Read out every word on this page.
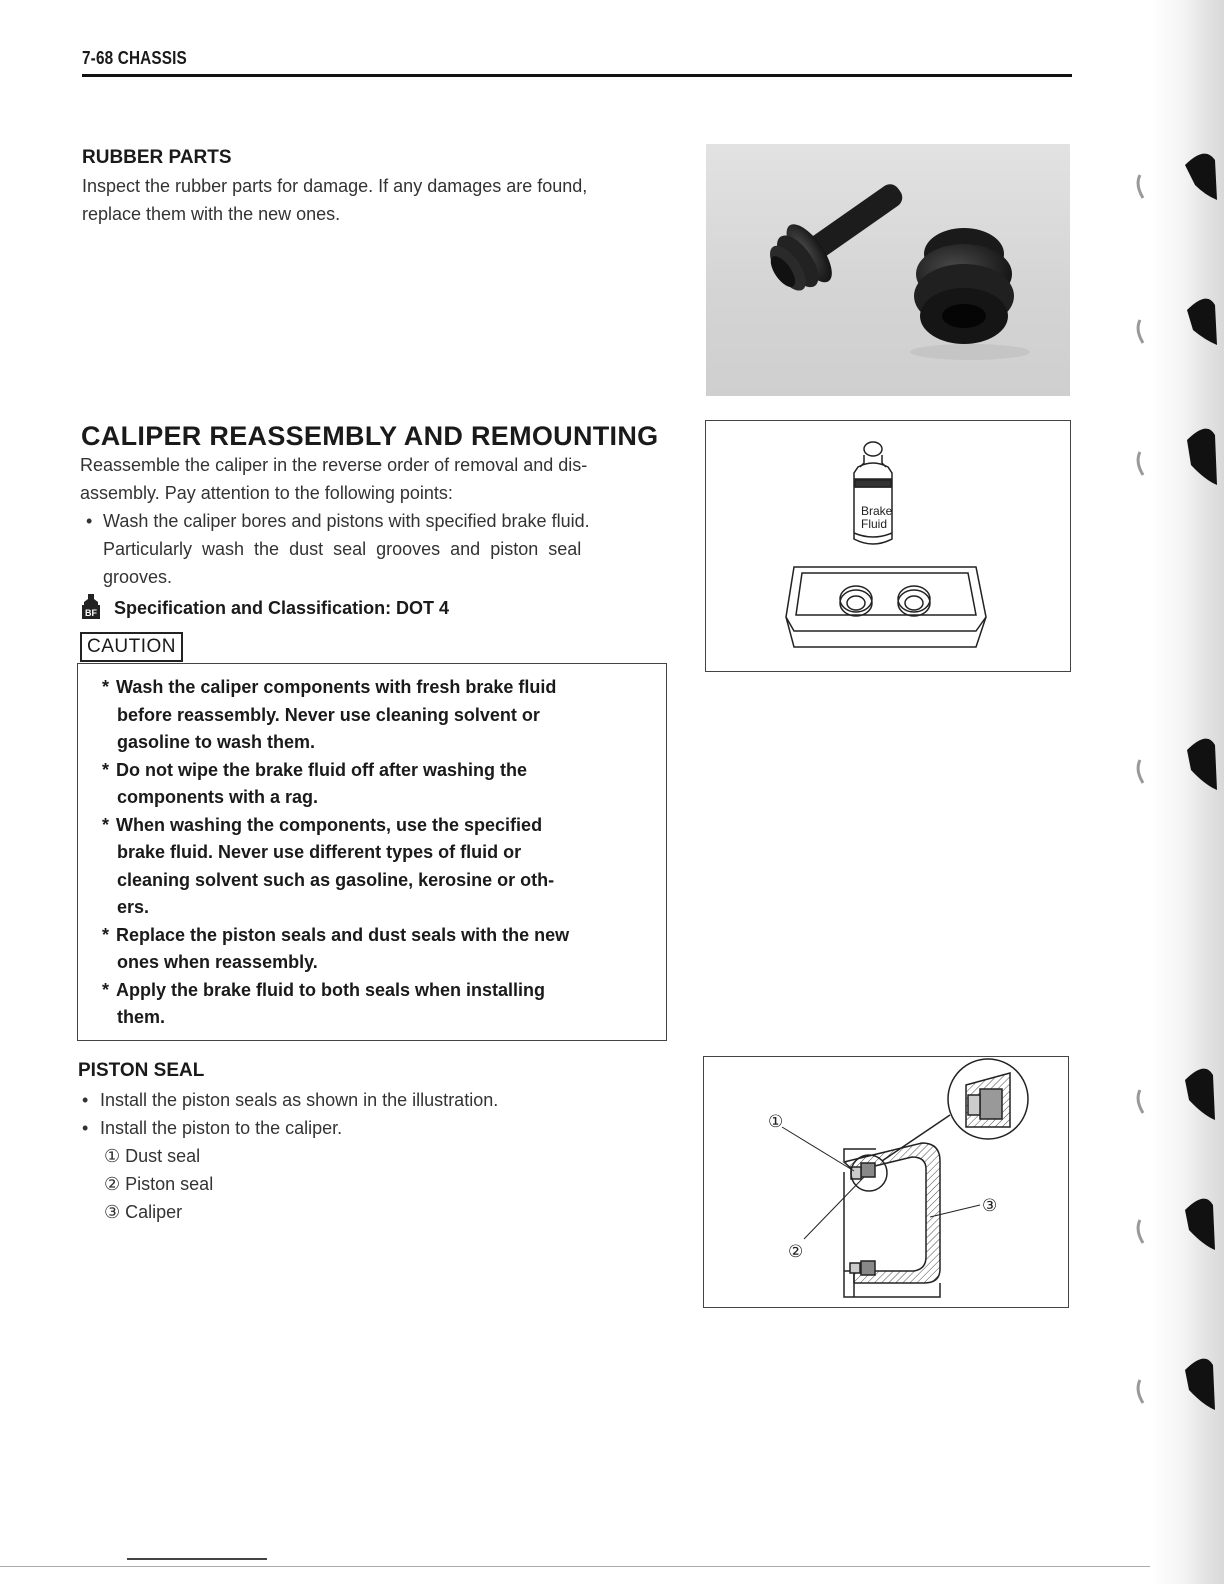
7-68 CHASSIS
RUBBER PARTS
Inspect the rubber parts for damage. If any damages are found,
replace them with the new ones.
CALIPER REASSEMBLY AND REMOUNTING
Reassemble the caliper in the reverse order of removal and dis-
assembly. Pay attention to the following points:
• Wash the caliper bores and pistons with specified brake fluid.
Particularly  wash  the  dust  seal  grooves  and  piston  seal
grooves.
BF Specification and Classification: DOT 4
CAUTION
* Wash the caliper components with fresh brake fluid
before reassembly. Never use cleaning solvent or
gasoline to wash them.
* Do not wipe the brake fluid off after washing the
components with a rag.
* When washing the components, use the specified
brake fluid. Never use different types of fluid or
cleaning solvent such as gasoline, kerosine or oth-
ers.
* Replace the piston seals and dust seals with the new
ones when reassembly.
* Apply the brake fluid to both seals when installing
them.
Brake
Fluid
PISTON SEAL
• Install the piston seals as shown in the illustration.
• Install the piston to the caliper.
① Dust seal
② Piston seal
③ Caliper
①
②
③
